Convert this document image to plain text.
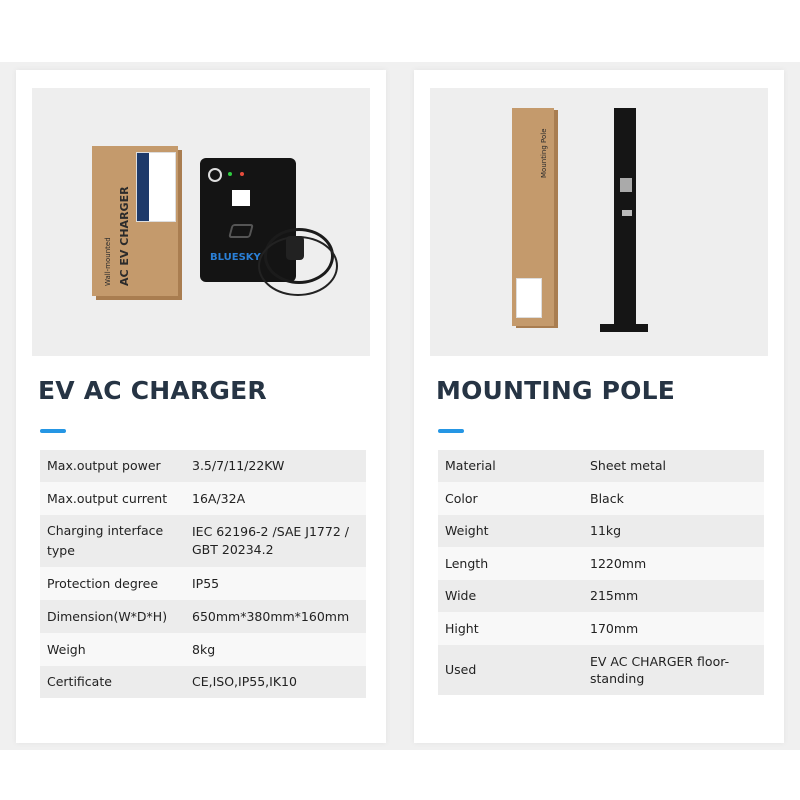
AC EV CHARGER
Wall-mounted	BLUESKY
EV AC CHARGER
Max.output power	3.5/7/11/22KW
Max.output current	16A/32A
Charging interface type	IEC 62196-2 /SAE J1772 / GBT 20234.2
Protection degree	IP55
Dimension(W*D*H)	650mm*380mm*160mm
Weigh	8kg
Certificate	CE,ISO,IP55,IK10
Mounting Pole
MOUNTING POLE
Material	Sheet metal
Color	Black
Weight	11kg
Length	1220mm
Wide	215mm
Hight	170mm
Used	EV AC CHARGER floor-standing
